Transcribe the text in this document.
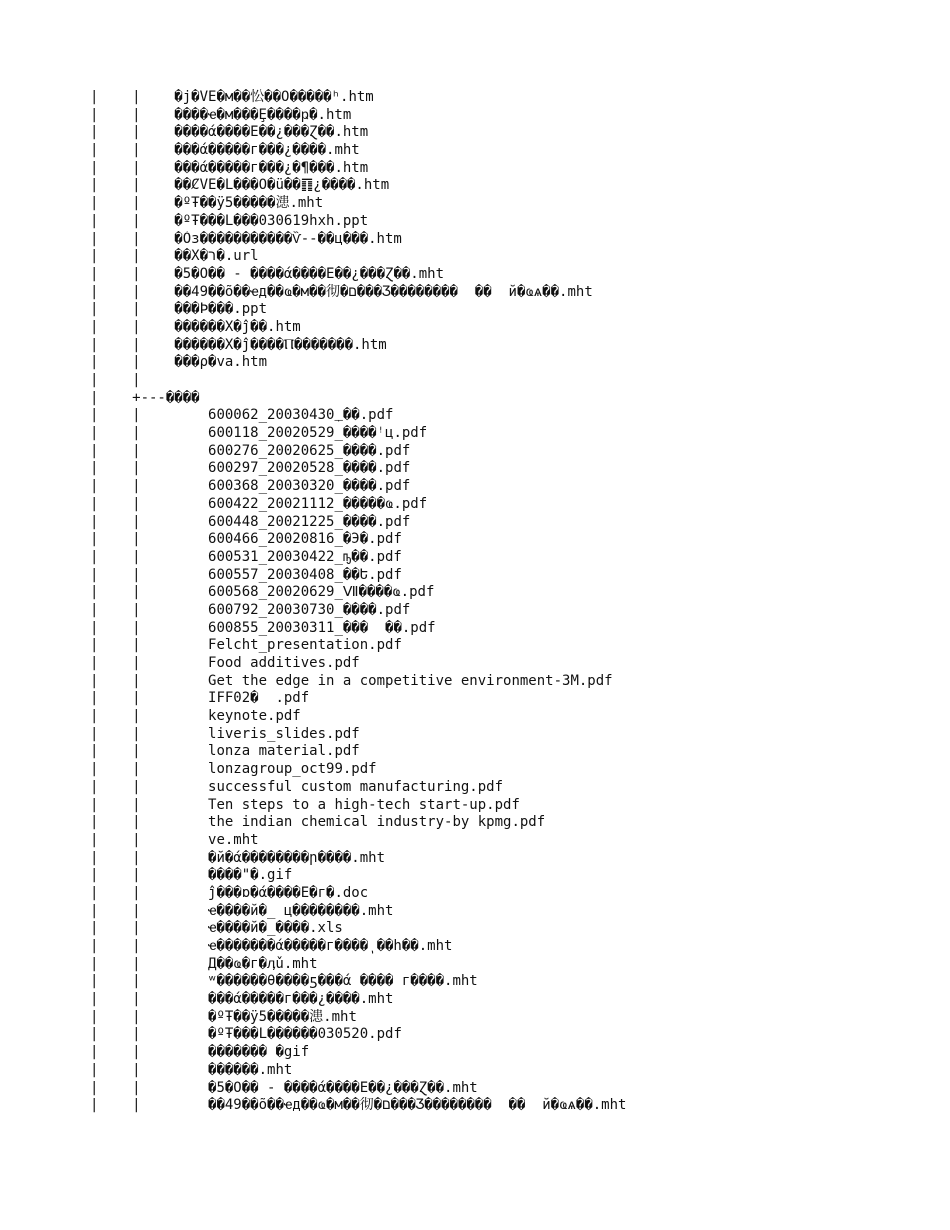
|    |    �j�VE�м��忪��Ö�����ʰ.htm
|    |    ����ҽ�м���Ȩ����ҏ�.htm
|    |    ����ά����Ε��¿���Ɀ��.htm
|    |    ���ά�����г���¿����.mht
|    |    ���ά�����г���¿�¶���.htm
|    |    ��ȻVE�L���Ö�ü��䷖¿����.htm
|    |    �ºŦ��ÿ5�����漶.mht
|    |    �ºŦ���L���030619hxh.ppt
|    |    �Òз�����������Ѷ--��ц���.htm
|    |    ��Χ�ר�.url
|    |    �5�Ö�� - ����ά����Ε��¿���Ɀ��.mht
|    |    ��49��õ��ҽд��ҩ�м��彻�ם���Ʒ��������  ��  й�ҩѧ��.mht
|    |    ���Þ���.ppt
|    |    ������Χ�ĵ��.htm
|    |    ������Χ�ĵ����Ⲡ�������.htm
|    |    ���ρ�va.htm
|    |
|    +---����
|    |        600062_20030430_ֽ��.pdf
|    |        600118_20020529_����ꜝц.pdf
|    |        600276_20020625_����.pdf
|    |        600297_20020528_����.pdf
|    |        600368_20030320_����.pdf
|    |        600422_20021112_�����ҩ.pdf
|    |        600448_20021225_����.pdf
|    |        600466_20020816_�Э�.pdf
|    |        600531_20030422_ҧ��.pdf
|    |        600557_20030408_��Ե.pdf
|    |        600568_20020629_Ⅶ����ҩ.pdf
|    |        600792_20030730_����.pdf
|    |        600855_20030311_���  ��.pdf
|    |        Felcht_presentation.pdf
|    |        Food additives.pdf
|    |        Get the edge in a competitive environment-3M.pdf
|    |        IFF02�  .pdf
|    |        keynote.pdf
|    |        liveris_slides.pdf
|    |        lonza material.pdf
|    |        lonzagroup_oct99.pdf
|    |        successful custom manufacturing.pdf
|    |        Ten steps to a high-tech start-up.pdf
|    |        the indian chemical industry-by kpmg.pdf
|    |        ve.mht
|    |        �й�ά��������ր����.mht
|    |        ����"�.gif
|    |        ĵ���ɒ�ά����Ε�г�.doc
|    |        ҽ����й�_ ц��������.mht
|    |        ҽ����й�_����.xls
|    |        ҽ�������ά�����г����ٖ ��h��.mht
|    |        Д��ҩ�г�ӆǔ.mht
|    |        ʷ������θ����ƽ���ά ���� г����.mht
|    |        ���ά�����г���¿����.mht
|    |        �ºŦ��ÿ5�����漶.mht
|    |        �ºŦ���L������030520.pdf
|    |        ������� �gif
|    |        ������.mht
|    |        �5�Ö�� - ����ά����Ε��¿���Ɀ��.mht
|    |        ��49��õ��ҽд��ҩ�м��彻�ם���Ʒ��������  ��  й�ҩѧ��.mht
